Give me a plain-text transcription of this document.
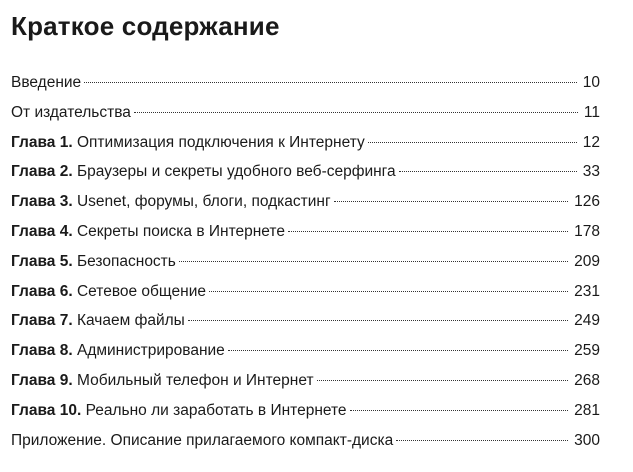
Краткое содержание
Введение	10
От издательства	11
Глава 1. Оптимизация подключения к Интернету	12
Глава 2. Браузеры и секреты удобного веб-серфинга	33
Глава 3. Usenet, форумы, блоги, подкастинг	126
Глава 4. Секреты поиска в Интернете	178
Глава 5. Безопасность	209
Глава 6. Сетевое общение	231
Глава 7. Качаем файлы	249
Глава 8. Администрирование	259
Глава 9. Мобильный телефон и Интернет	268
Глава 10. Реально ли заработать в Интернете	281
Приложение. Описание прилагаемого компакт-диска	300
